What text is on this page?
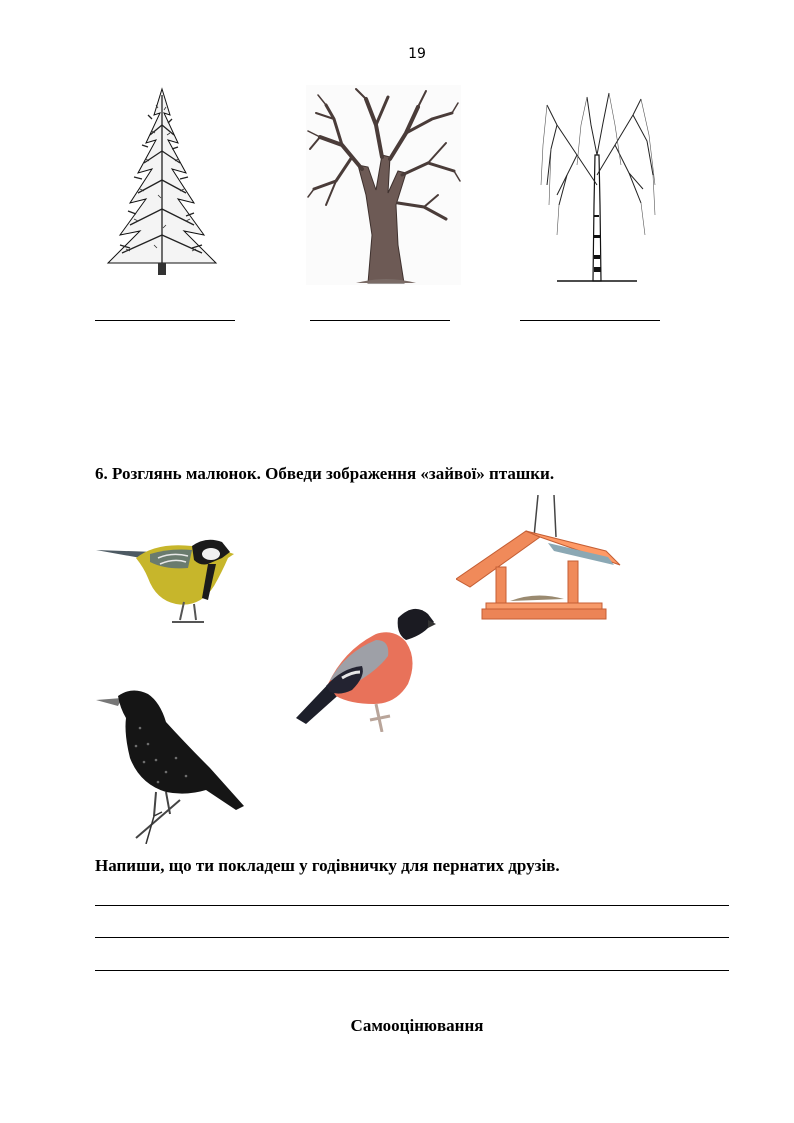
19
6. Розглянь малюнок. Обведи зображення «зайвої» пташки.
Напиши, що ти покладеш у годівничку для пернатих друзів.
Самооцінювання
